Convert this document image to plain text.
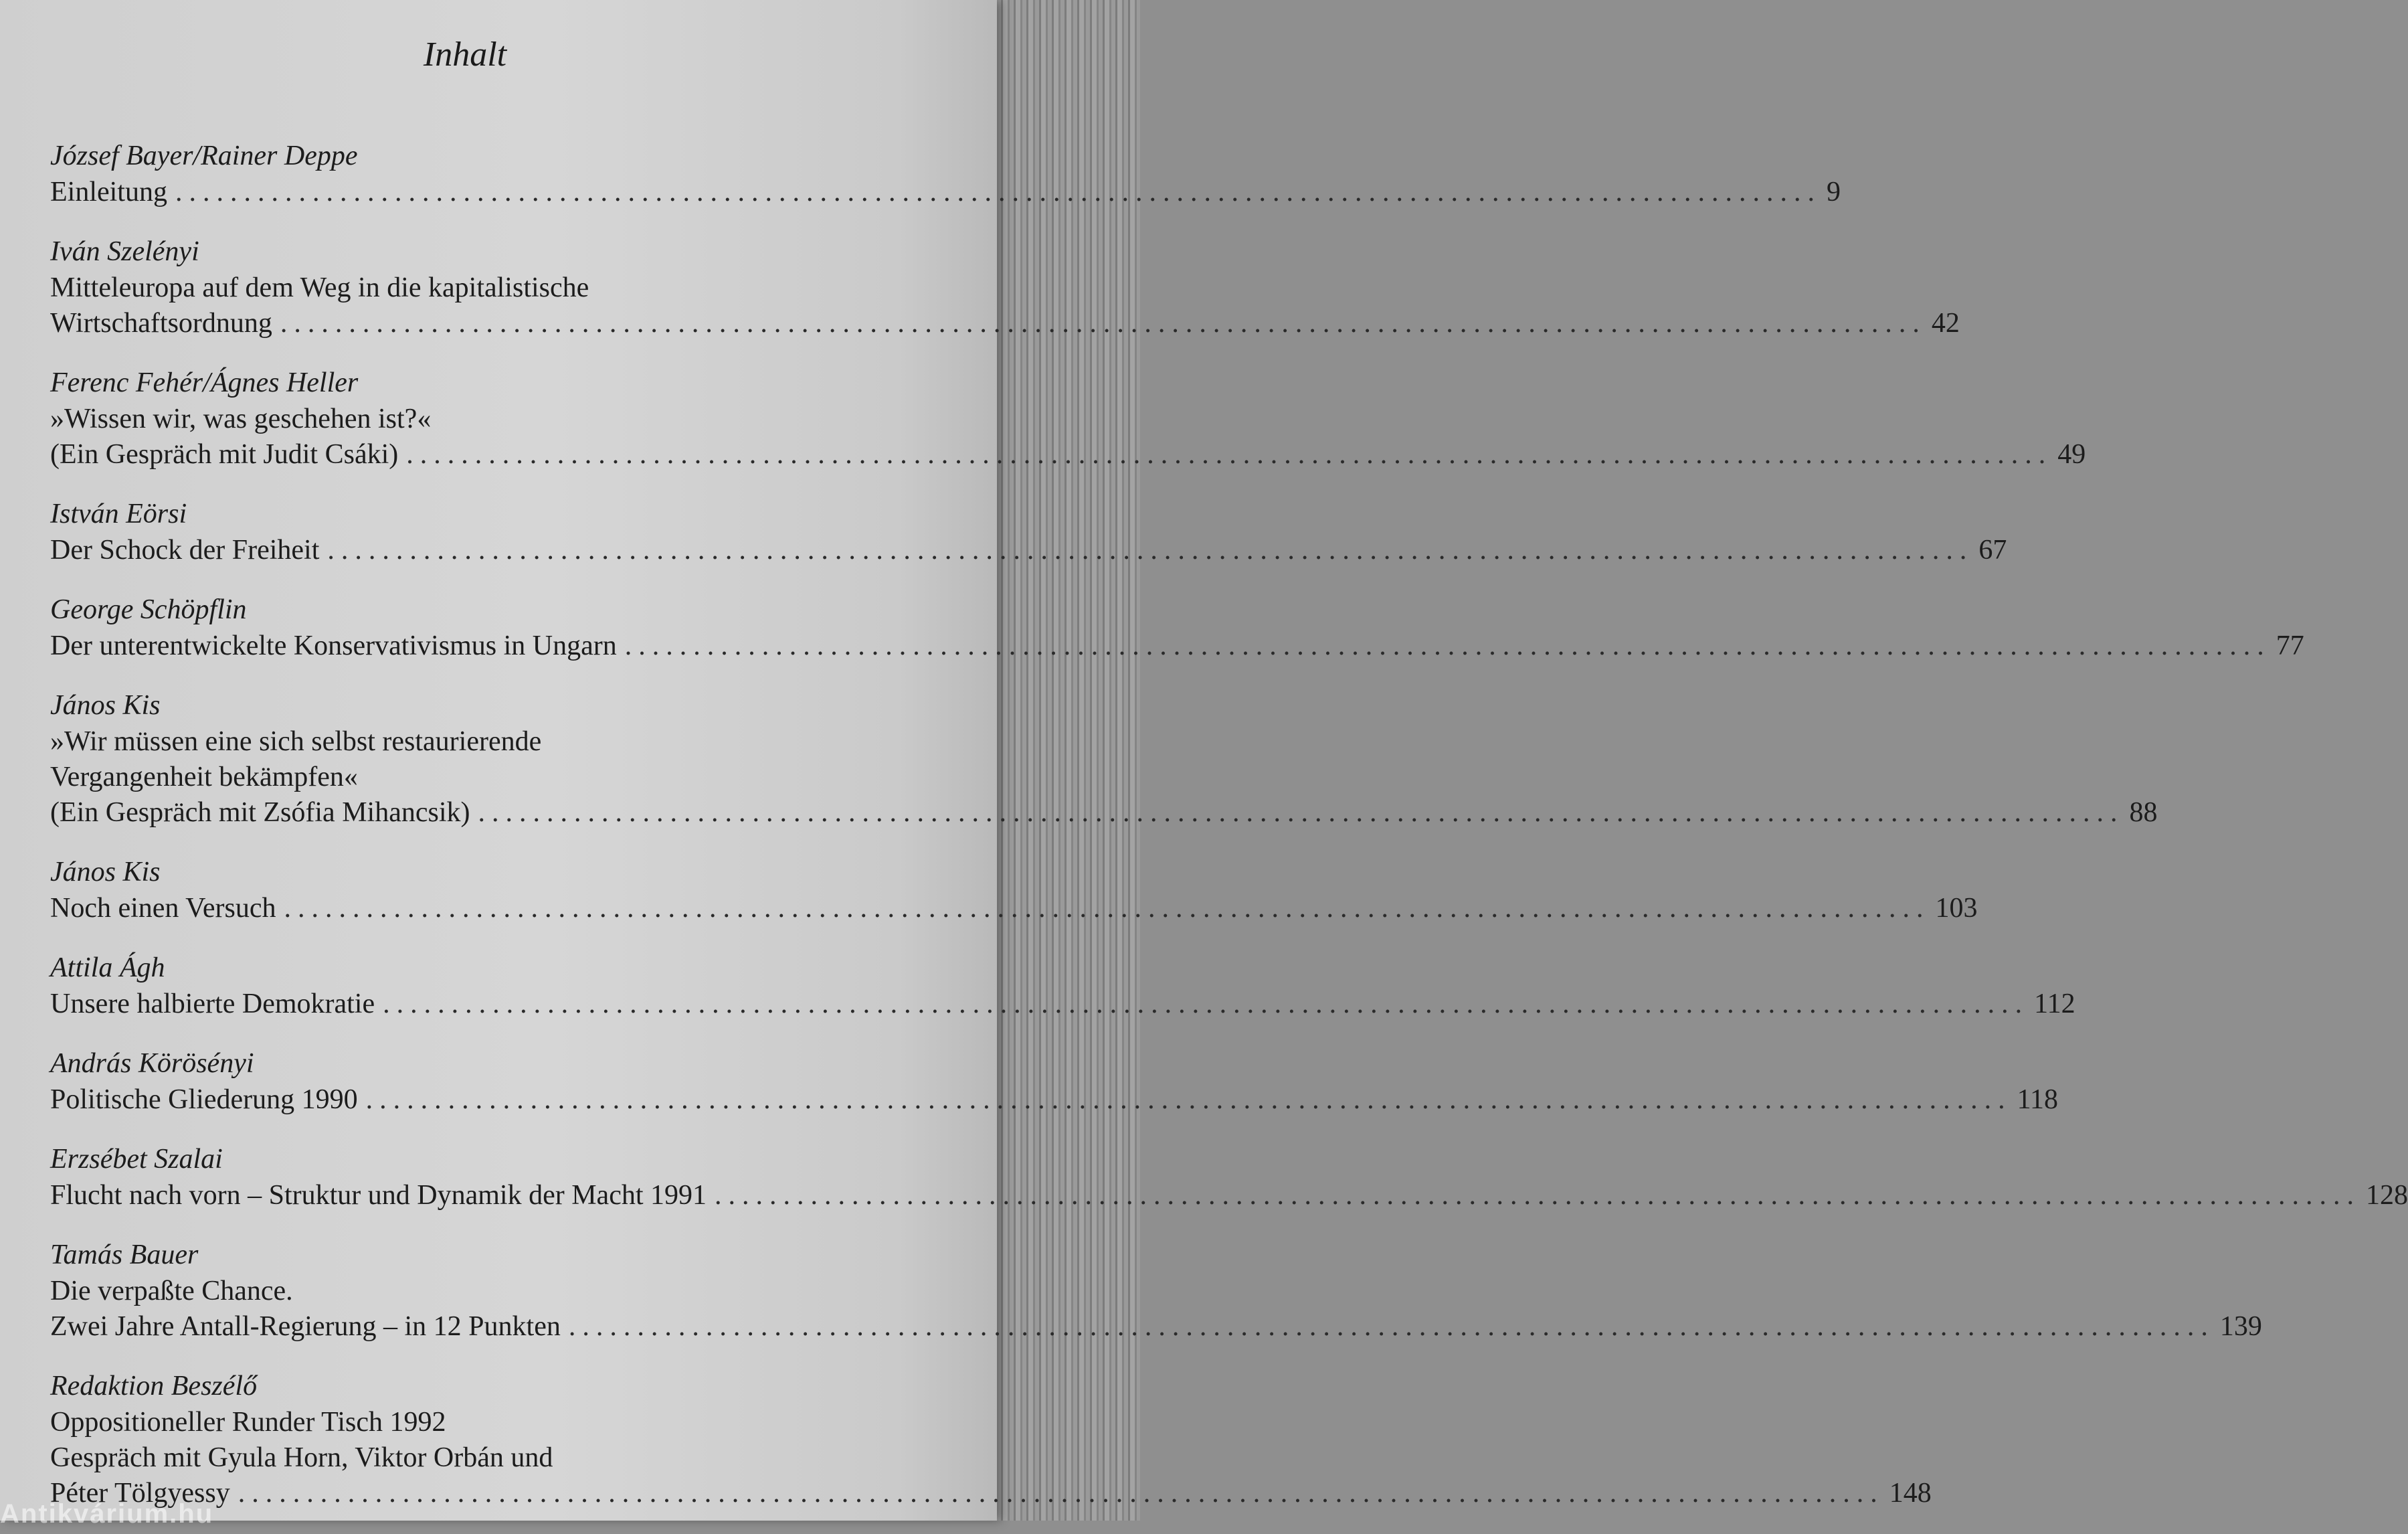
Inhalt
József Bayer/Rainer Deppe
Einleitung ........................................................................................................................ 9
Iván Szelényi
Mitteleuropa auf dem Weg in die kapitalistische
Wirtschaftsordnung ........................................................................................................................ 42
Ferenc Fehér/Ágnes Heller
»Wissen wir, was geschehen ist?«
(Ein Gespräch mit Judit Csáki) ........................................................................................................................ 49
István Eörsi
Der Schock der Freiheit ........................................................................................................................ 67
George Schöpflin
Der unterentwickelte Konservativismus in Ungarn ........................................................................................................................ 77
János Kis
»Wir müssen eine sich selbst restaurierende
Vergangenheit bekämpfen«
(Ein Gespräch mit Zsófia Mihancsik) ........................................................................................................................ 88
János Kis
Noch einen Versuch ........................................................................................................................ 103
Attila Ágh
Unsere halbierte Demokratie ........................................................................................................................ 112
András Körösényi
Politische Gliederung 1990 ........................................................................................................................ 118
Erzsébet Szalai
Flucht nach vorn – Struktur und Dynamik der Macht 1991 ........................................................................................................................ 128
Tamás Bauer
Die verpaßte Chance.
Zwei Jahre Antall-Regierung – in 12 Punkten ........................................................................................................................ 139
Redaktion Beszélő
Oppositioneller Runder Tisch 1992
Gespräch mit Gyula Horn, Viktor Orbán und
Péter Tölgyessy ........................................................................................................................ 148
Antikvárium.hu
